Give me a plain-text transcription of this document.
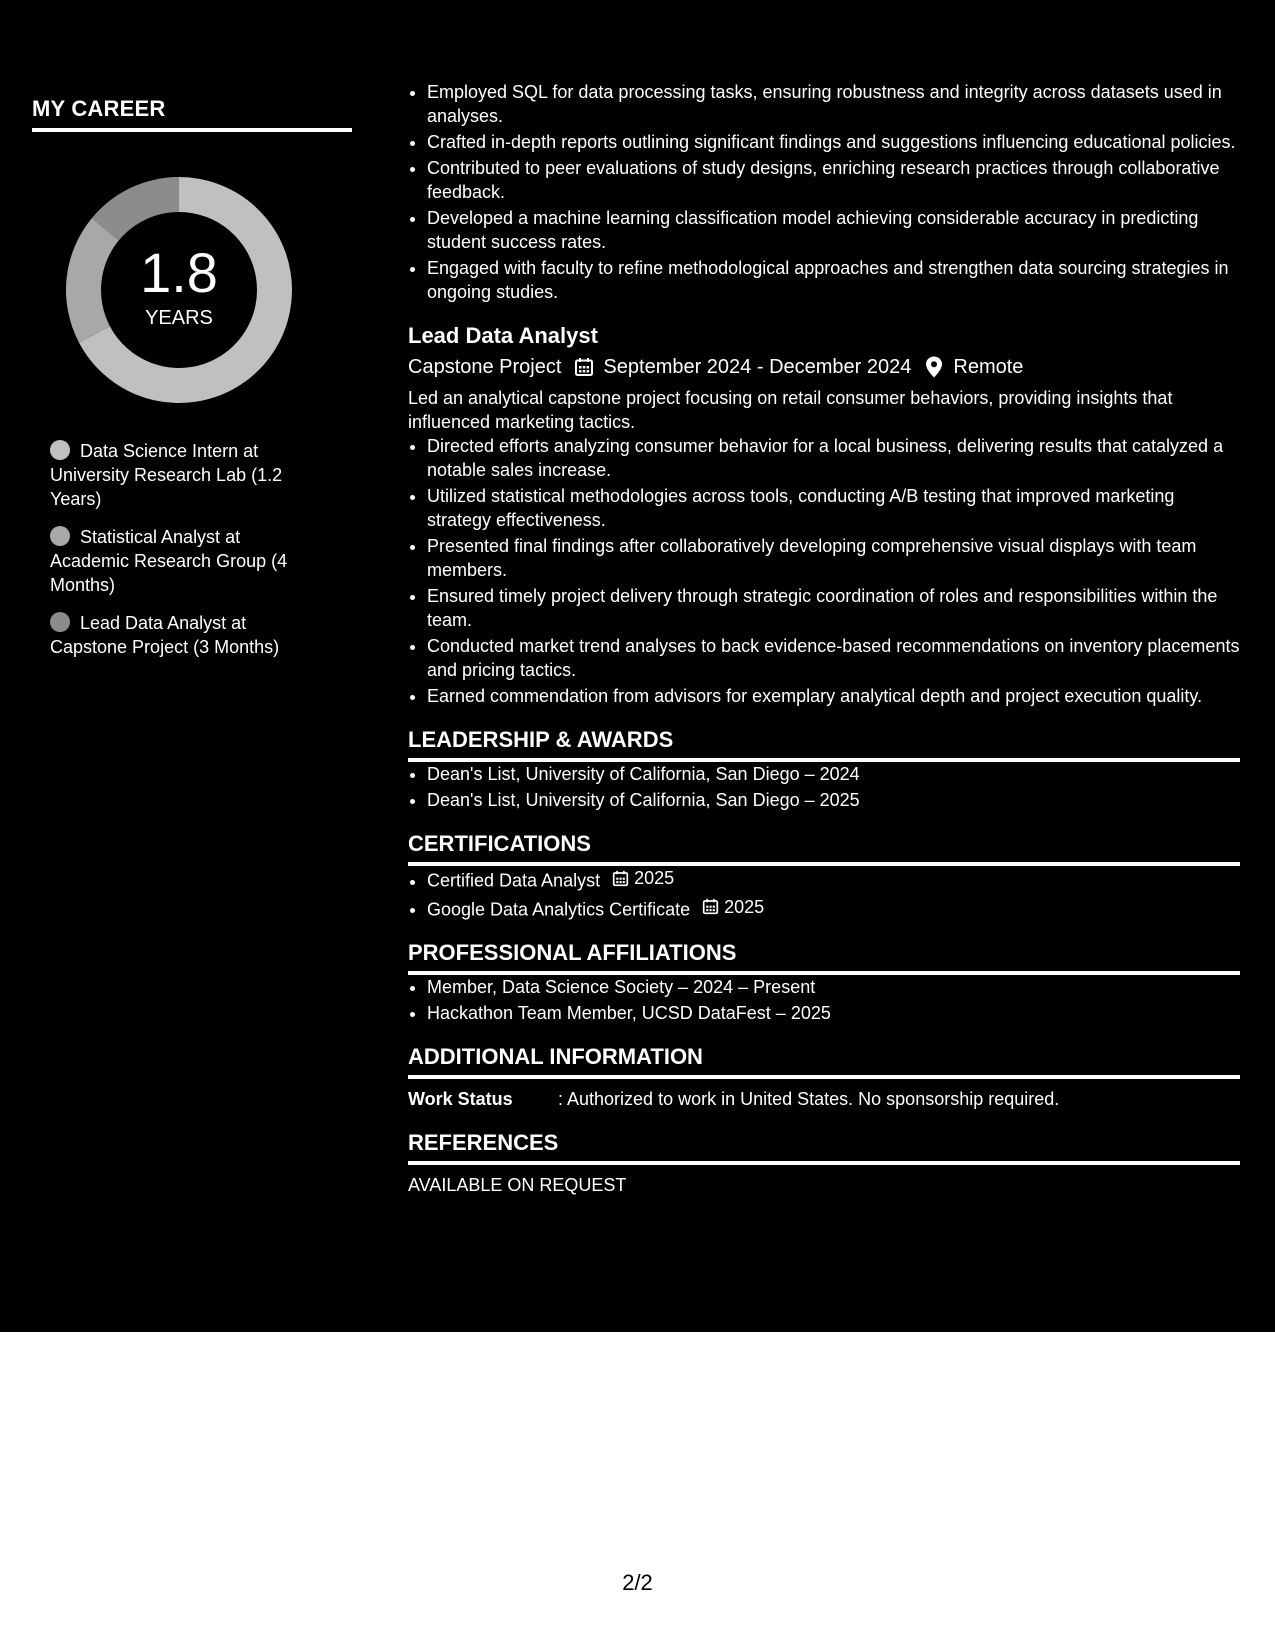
MY CAREER
1.8
YEARS
Data Science Intern at University Research Lab (1.2 Years)
Statistical Analyst at Academic Research Group (4 Months)
Lead Data Analyst at Capstone Project (3 Months)
• Employed SQL for data processing tasks, ensuring robustness and integrity across datasets used in analyses.
• Crafted in-depth reports outlining significant findings and suggestions influencing educational policies.
• Contributed to peer evaluations of study designs, enriching research practices through collaborative feedback.
• Developed a machine learning classification model achieving considerable accuracy in predicting student success rates.
• Engaged with faculty to refine methodological approaches and strengthen data sourcing strategies in ongoing studies.
Lead Data Analyst
Capstone Project September 2024 - December 2024 Remote
Led an analytical capstone project focusing on retail consumer behaviors, providing insights that influenced marketing tactics.
• Directed efforts analyzing consumer behavior for a local business, delivering results that catalyzed a notable sales increase.
• Utilized statistical methodologies across tools, conducting A/B testing that improved marketing strategy effectiveness.
• Presented final findings after collaboratively developing comprehensive visual displays with team members.
• Ensured timely project delivery through strategic coordination of roles and responsibilities within the team.
• Conducted market trend analyses to back evidence-based recommendations on inventory placements and pricing tactics.
• Earned commendation from advisors for exemplary analytical depth and project execution quality.
LEADERSHIP & AWARDS
• Dean's List, University of California, San Diego – 2024
• Dean's List, University of California, San Diego – 2025
CERTIFICATIONS
• Certified Data Analyst 2025
• Google Data Analytics Certificate 2025
PROFESSIONAL AFFILIATIONS
• Member, Data Science Society – 2024 – Present
• Hackathon Team Member, UCSD DataFest – 2025
ADDITIONAL INFORMATION
Work Status	: Authorized to work in United States. No sponsorship required.
REFERENCES
AVAILABLE ON REQUEST
2/2
